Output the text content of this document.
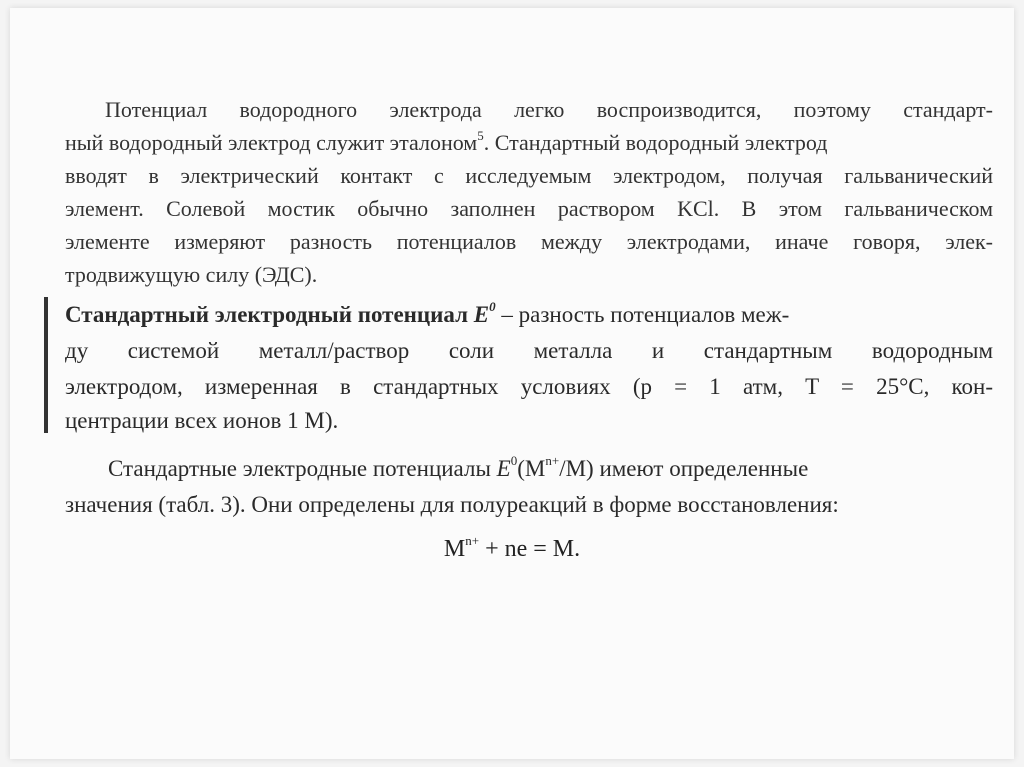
Потенциал водородного электрода легко воспроизводится, поэтому стандарт-
ный водородный электрод служит эталоном$^5$. Стандартный водородный электрод
вводят в электрический контакт с исследуемым электродом, получая гальванический
элемент. Солевой мостик обычно заполнен раствором KCl. В этом гальваническом
элементе измеряют разность потенциалов между электродами, иначе говоря, элек-
тродвижущую силу (ЭДС).
Стандартный электродный потенциал $E^0$ – разность потенциалов меж-
ду системой металл/раствор соли металла и стандартным водородным
электродом, измеренная в стандартных условиях (p = 1 атм, T = 25°C, кон-
центрации всех ионов 1 М).
Стандартные электродные потенциалы $E^0(M^{n+}/M)$ имеют определенные
значения (табл. 3). Они определены для полуреакций в форме восстановления:
$M^{n+}$ + ne = M.
